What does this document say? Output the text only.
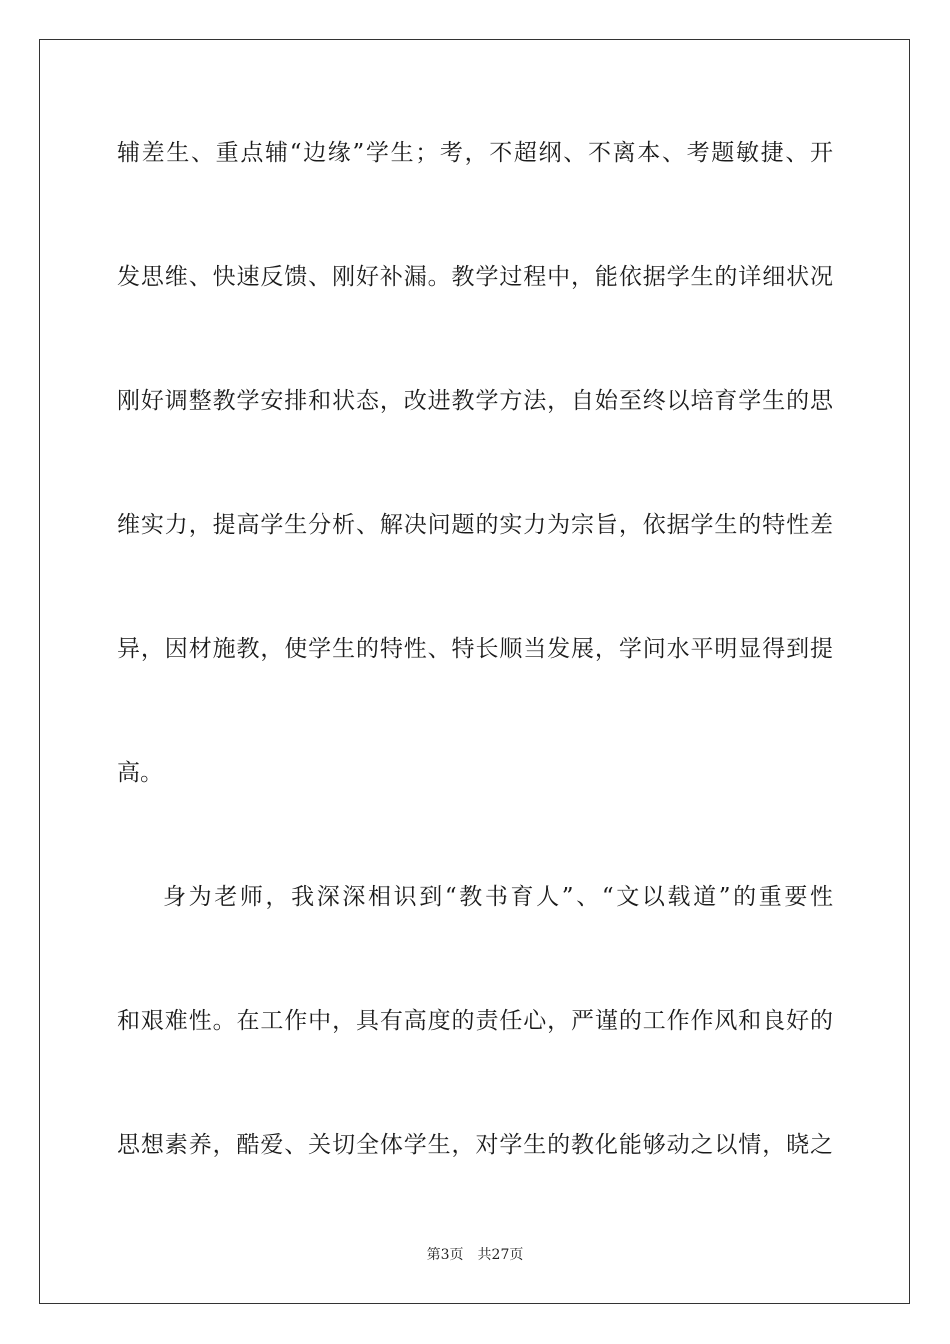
辅差生、重点辅“边缘”学生；考，不超纲、不离本、考题敏捷、开
发思维、快速反馈、刚好补漏。教学过程中，能依据学生的详细状况
刚好调整教学安排和状态，改进教学方法，自始至终以培育学生的思
维实力，提高学生分析、解决问题的实力为宗旨，依据学生的特性差
异，因材施教，使学生的特性、特长顺当发展，学问水平明显得到提
高。
身为老师，我深深相识到“教书育人”、“文以载道”的重要性
和艰难性。在工作中，具有高度的责任心，严谨的工作作风和良好的
思想素养，酷爱、关切全体学生，对学生的教化能够动之以情，晓之
第3页 共27页
